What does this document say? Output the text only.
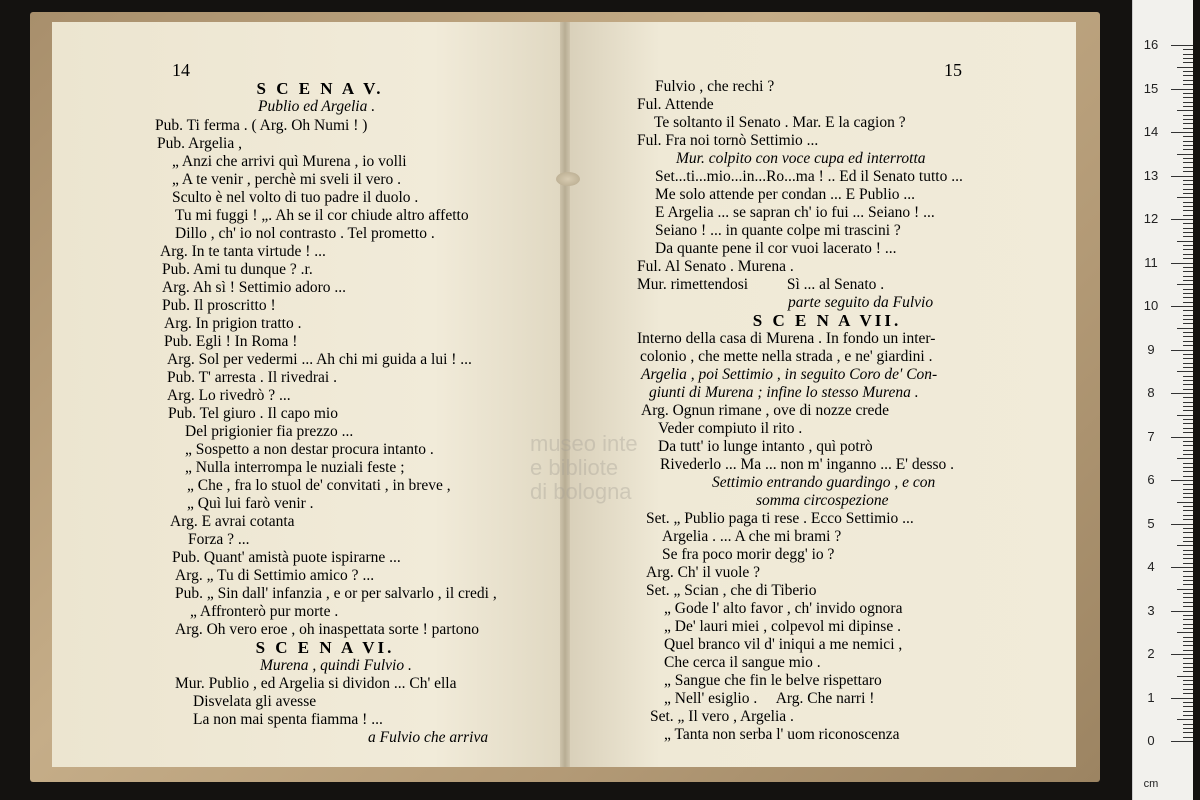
14	15
S C E N A V.
Publio ed Argelia .
Pub. Ti ferma . ( Arg. Oh Numi ! )
Pub. Argelia ,
„ Anzi che arrivi quì Murena , io volli
„ A te venir , perchè mi sveli il vero .
Sculto è nel volto di tuo padre il duolo .
Tu mi fuggi ! „. Ah se il cor chiude altro affetto
Dillo , ch' io nol contrasto . Tel prometto .
Arg. In te tanta virtude ! ...
Pub. Ami tu dunque ? .r.
Arg. Ah sì ! Settimio adoro ...
Pub. Il proscritto !
Arg. In prigion tratto .
Pub. Egli ! In Roma !
Arg. Sol per vedermi ... Ah chi mi guida a lui ! ...
Pub. T' arresta . Il rivedrai .
Arg. Lo rivedrò ? ...
Pub. Tel giuro . Il capo mio
Del prigionier fia prezzo ...
„ Sospetto a non destar procura intanto .
„ Nulla interrompa le nuziali feste ;
„ Che , fra lo stuol de' convitati , in breve ,
„ Quì lui farò venir .
Arg. E avrai cotanta
Forza ? ...
Pub. Quant' amistà puote ispirarne ...
Arg. „ Tu di Settimio amico ? ...
Pub. „ Sin dall' infanzia , e or per salvarlo , il credi ,
„ Affronterò pur morte .
Arg. Oh vero eroe , oh inaspettata sorte ! partono
S C E N A VI.
Murena , quindi Fulvio .
Mur. Publio , ed Argelia si dividon ... Ch' ella
Disvelata gli avesse
La non mai spenta fiamma ! ...
a Fulvio che arriva
Fulvio , che rechi ?
Ful. Attende
Te soltanto il Senato . Mar. E la cagion ?
Ful. Fra noi tornò Settimio ...
Mur. colpito con voce cupa ed interrotta
Set...ti...mio...in...Ro...ma ! .. Ed il Senato tutto ...
Me solo attende per condan ... E Publio ...
E Argelia ... se sapran ch' io fui ... Seiano ! ...
Seiano ! ... in quante colpe mi trascini ?
Da quante pene il cor vuoi lacerato ! ...
Ful. Al Senato . Murena .
Mur. rimettendosi          Sì ... al Senato .
parte seguito da Fulvio
S C E N A VII.
Interno della casa di Murena . In fondo un inter-
colonio , che mette nella strada , e ne' giardini .
Argelia , poi Settimio , in seguito Coro de' Con-
giunti di Murena ; infine lo stesso Murena .
Arg. Ognun rimane , ove di nozze crede
Veder compiuto il rito .
Da tutt' io lunge intanto , quì potrò
Rivederlo ... Ma ... non m' inganno ... E' desso .
Settimio entrando guardingo , e con
somma circospezione
Set. „ Publio paga ti rese . Ecco Settimio ...
Argelia . ... A che mi brami ?
Se fra poco morir degg' io ?
Arg. Ch' il vuole ?
Set. „ Scian , che di Tiberio
„ Gode l' alto favor , ch' invido ognora
„ De' lauri miei , colpevol mi dipinse .
Quel branco vil d' iniqui a me nemici ,
Che cerca il sangue mio .
„ Sangue che fin le belve rispettaro
„ Nell' esiglio .     Arg. Che narri !
Set. „ Il vero , Argelia .
„ Tanta non serba l' uom riconoscenza
museo inte
e bibliote
di bologna
cm
16
15
14
13
12
11
10
9
8
7
6
5
4
3
2
1
0
